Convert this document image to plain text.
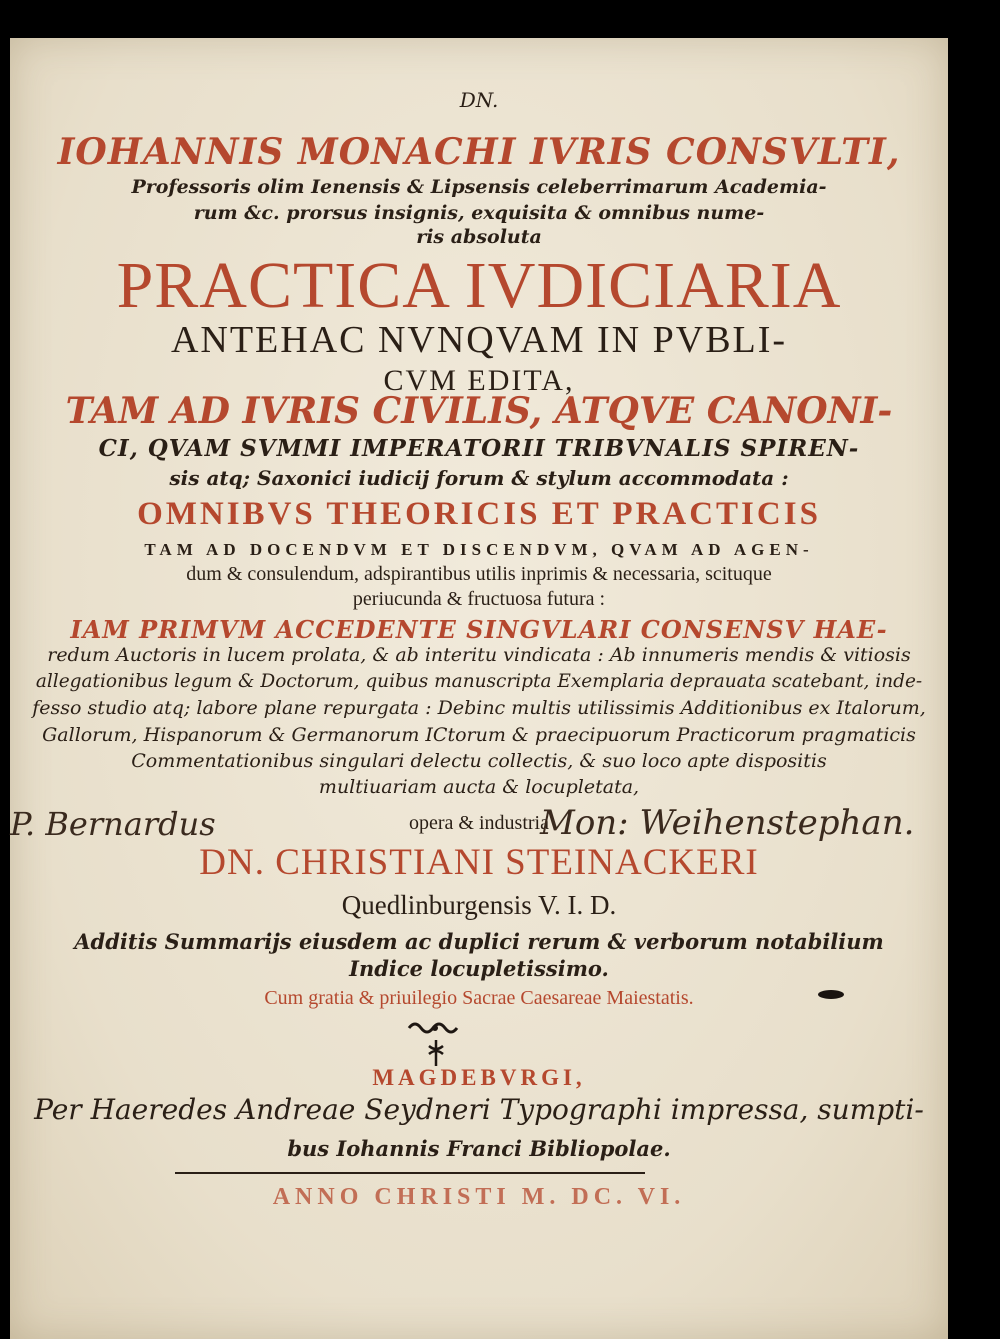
DN.
IOHANNIS MONACHI IVRIS CONSVLTI,
Professoris olim Ienensis & Lipsensis celeberrimarum Academia-
rum &c. prorsus insignis, exquisita & omnibus nume-
ris absoluta
PRACTICA IVDICIARIA
ANTEHAC NVNQVAM IN PVBLI-
CVM EDITA,
TAM AD IVRIS CIVILIS, ATQVE CANONI-
CI, QVAM SVMMI IMPERATORII TRIBVNALIS SPIREN-
sis atq; Saxonici iudicij forum & stylum accommodata :
OMNIBVS THEORICIS ET PRACTICIS
TAM AD DOCENDVM ET DISCENDVM, QVAM AD AGEN-
dum & consulendum, adspirantibus utilis inprimis & necessaria, scituque
periucunda & fructuosa futura :
IAM PRIMVM ACCEDENTE SINGVLARI CONSENSV HAE-
redum Auctoris in lucem prolata, & ab interitu vindicata : Ab innumeris mendis & vitiosis
allegationibus legum & Doctorum, quibus manuscripta Exemplaria deprauata scatebant, inde-
fesso studio atq; labore plane repurgata : Debinc multis utilissimis Additionibus ex Italorum,
Gallorum, Hispanorum & Germanorum ICtorum & praecipuorum Practicorum pragmaticis
Commentationibus singulari delectu collectis, & suo loco apte dispositis
multiuariam aucta & locupletata,
opera & industria
P. Bernardus	Mon: Weihenstephan.
DN. CHRISTIANI STEINACKERI
Quedlinburgensis V. I. D.
Additis Summarijs eiusdem ac duplici rerum & verborum notabilium
Indice locupletissimo.
Cum gratia & priuilegio Sacrae Caesareae Maiestatis.
MAGDEBVRGI,
Per Haeredes Andreae Seydneri Typographi impressa, sumpti-
bus Iohannis Franci Bibliopolae.
ANNO CHRISTI M. DC. VI.
